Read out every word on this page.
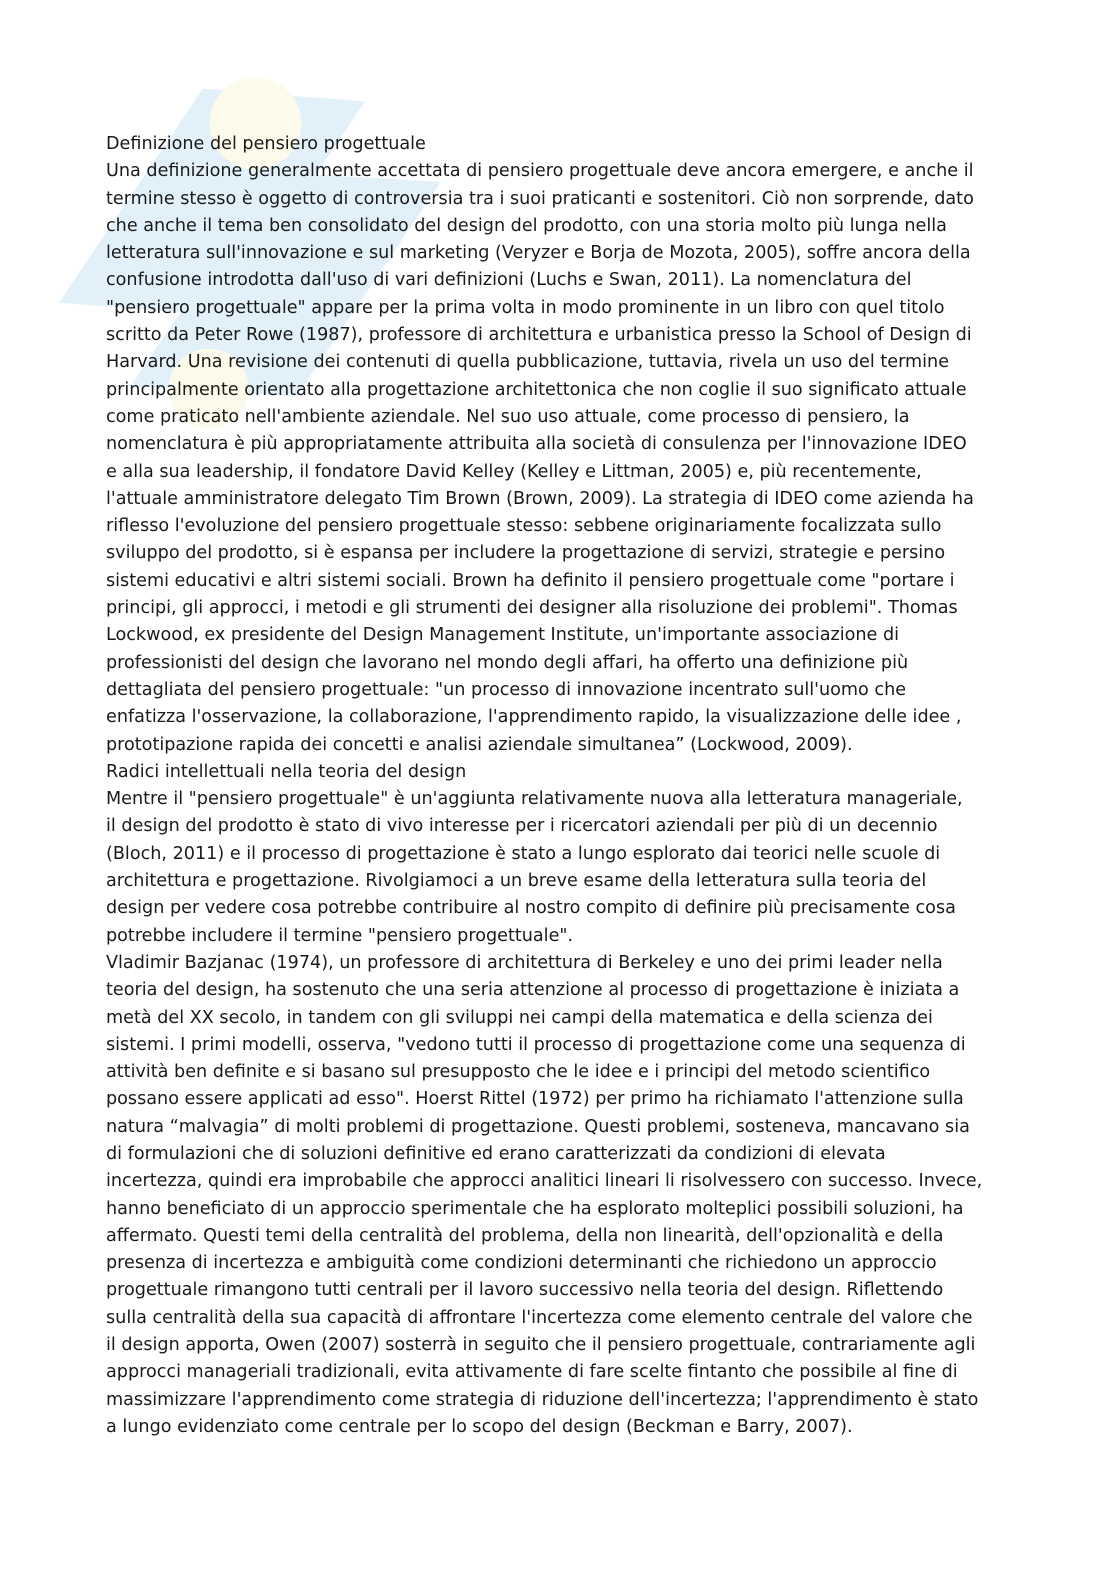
Definizione del pensiero progettuale
Una definizione generalmente accettata di pensiero progettuale deve ancora emergere, e anche il
termine stesso è oggetto di controversia tra i suoi praticanti e sostenitori. Ciò non sorprende, dato
che anche il tema ben consolidato del design del prodotto, con una storia molto più lunga nella
letteratura sull'innovazione e sul marketing (Veryzer e Borja de Mozota, 2005), soffre ancora della
confusione introdotta dall'uso di vari definizioni (Luchs e Swan, 2011). La nomenclatura del
"pensiero progettuale" appare per la prima volta in modo prominente in un libro con quel titolo
scritto da Peter Rowe (1987), professore di architettura e urbanistica presso la School of Design di
Harvard. Una revisione dei contenuti di quella pubblicazione, tuttavia, rivela un uso del termine
principalmente orientato alla progettazione architettonica che non coglie il suo significato attuale
come praticato nell'ambiente aziendale. Nel suo uso attuale, come processo di pensiero, la
nomenclatura è più appropriatamente attribuita alla società di consulenza per l'innovazione IDEO
e alla sua leadership, il fondatore David Kelley (Kelley e Littman, 2005) e, più recentemente,
l'attuale amministratore delegato Tim Brown (Brown, 2009). La strategia di IDEO come azienda ha
riflesso l'evoluzione del pensiero progettuale stesso: sebbene originariamente focalizzata sullo
sviluppo del prodotto, si è espansa per includere la progettazione di servizi, strategie e persino
sistemi educativi e altri sistemi sociali. Brown ha definito il pensiero progettuale come "portare i
principi, gli approcci, i metodi e gli strumenti dei designer alla risoluzione dei problemi". Thomas
Lockwood, ex presidente del Design Management Institute, un'importante associazione di
professionisti del design che lavorano nel mondo degli affari, ha offerto una definizione più
dettagliata del pensiero progettuale: "un processo di innovazione incentrato sull'uomo che
enfatizza l'osservazione, la collaborazione, l'apprendimento rapido, la visualizzazione delle idee ,
prototipazione rapida dei concetti e analisi aziendale simultanea” (Lockwood, 2009).
Radici intellettuali nella teoria del design
Mentre il "pensiero progettuale" è un'aggiunta relativamente nuova alla letteratura manageriale,
il design del prodotto è stato di vivo interesse per i ricercatori aziendali per più di un decennio
(Bloch, 2011) e il processo di progettazione è stato a lungo esplorato dai teorici nelle scuole di
architettura e progettazione. Rivolgiamoci a un breve esame della letteratura sulla teoria del
design per vedere cosa potrebbe contribuire al nostro compito di definire più precisamente cosa
potrebbe includere il termine "pensiero progettuale".
Vladimir Bazjanac (1974), un professore di architettura di Berkeley e uno dei primi leader nella
teoria del design, ha sostenuto che una seria attenzione al processo di progettazione è iniziata a
metà del XX secolo, in tandem con gli sviluppi nei campi della matematica e della scienza dei
sistemi. I primi modelli, osserva, "vedono tutti il processo di progettazione come una sequenza di
attività ben definite e si basano sul presupposto che le idee e i principi del metodo scientifico
possano essere applicati ad esso". Hoerst Rittel (1972) per primo ha richiamato l'attenzione sulla
natura “malvagia” di molti problemi di progettazione. Questi problemi, sosteneva, mancavano sia
di formulazioni che di soluzioni definitive ed erano caratterizzati da condizioni di elevata
incertezza, quindi era improbabile che approcci analitici lineari li risolvessero con successo. Invece,
hanno beneficiato di un approccio sperimentale che ha esplorato molteplici possibili soluzioni, ha
affermato. Questi temi della centralità del problema, della non linearità, dell'opzionalità e della
presenza di incertezza e ambiguità come condizioni determinanti che richiedono un approccio
progettuale rimangono tutti centrali per il lavoro successivo nella teoria del design. Riflettendo
sulla centralità della sua capacità di affrontare l'incertezza come elemento centrale del valore che
il design apporta, Owen (2007) sosterrà in seguito che il pensiero progettuale, contrariamente agli
approcci manageriali tradizionali, evita attivamente di fare scelte fintanto che possibile al fine di
massimizzare l'apprendimento come strategia di riduzione dell'incertezza; l'apprendimento è stato
a lungo evidenziato come centrale per lo scopo del design (Beckman e Barry, 2007).
